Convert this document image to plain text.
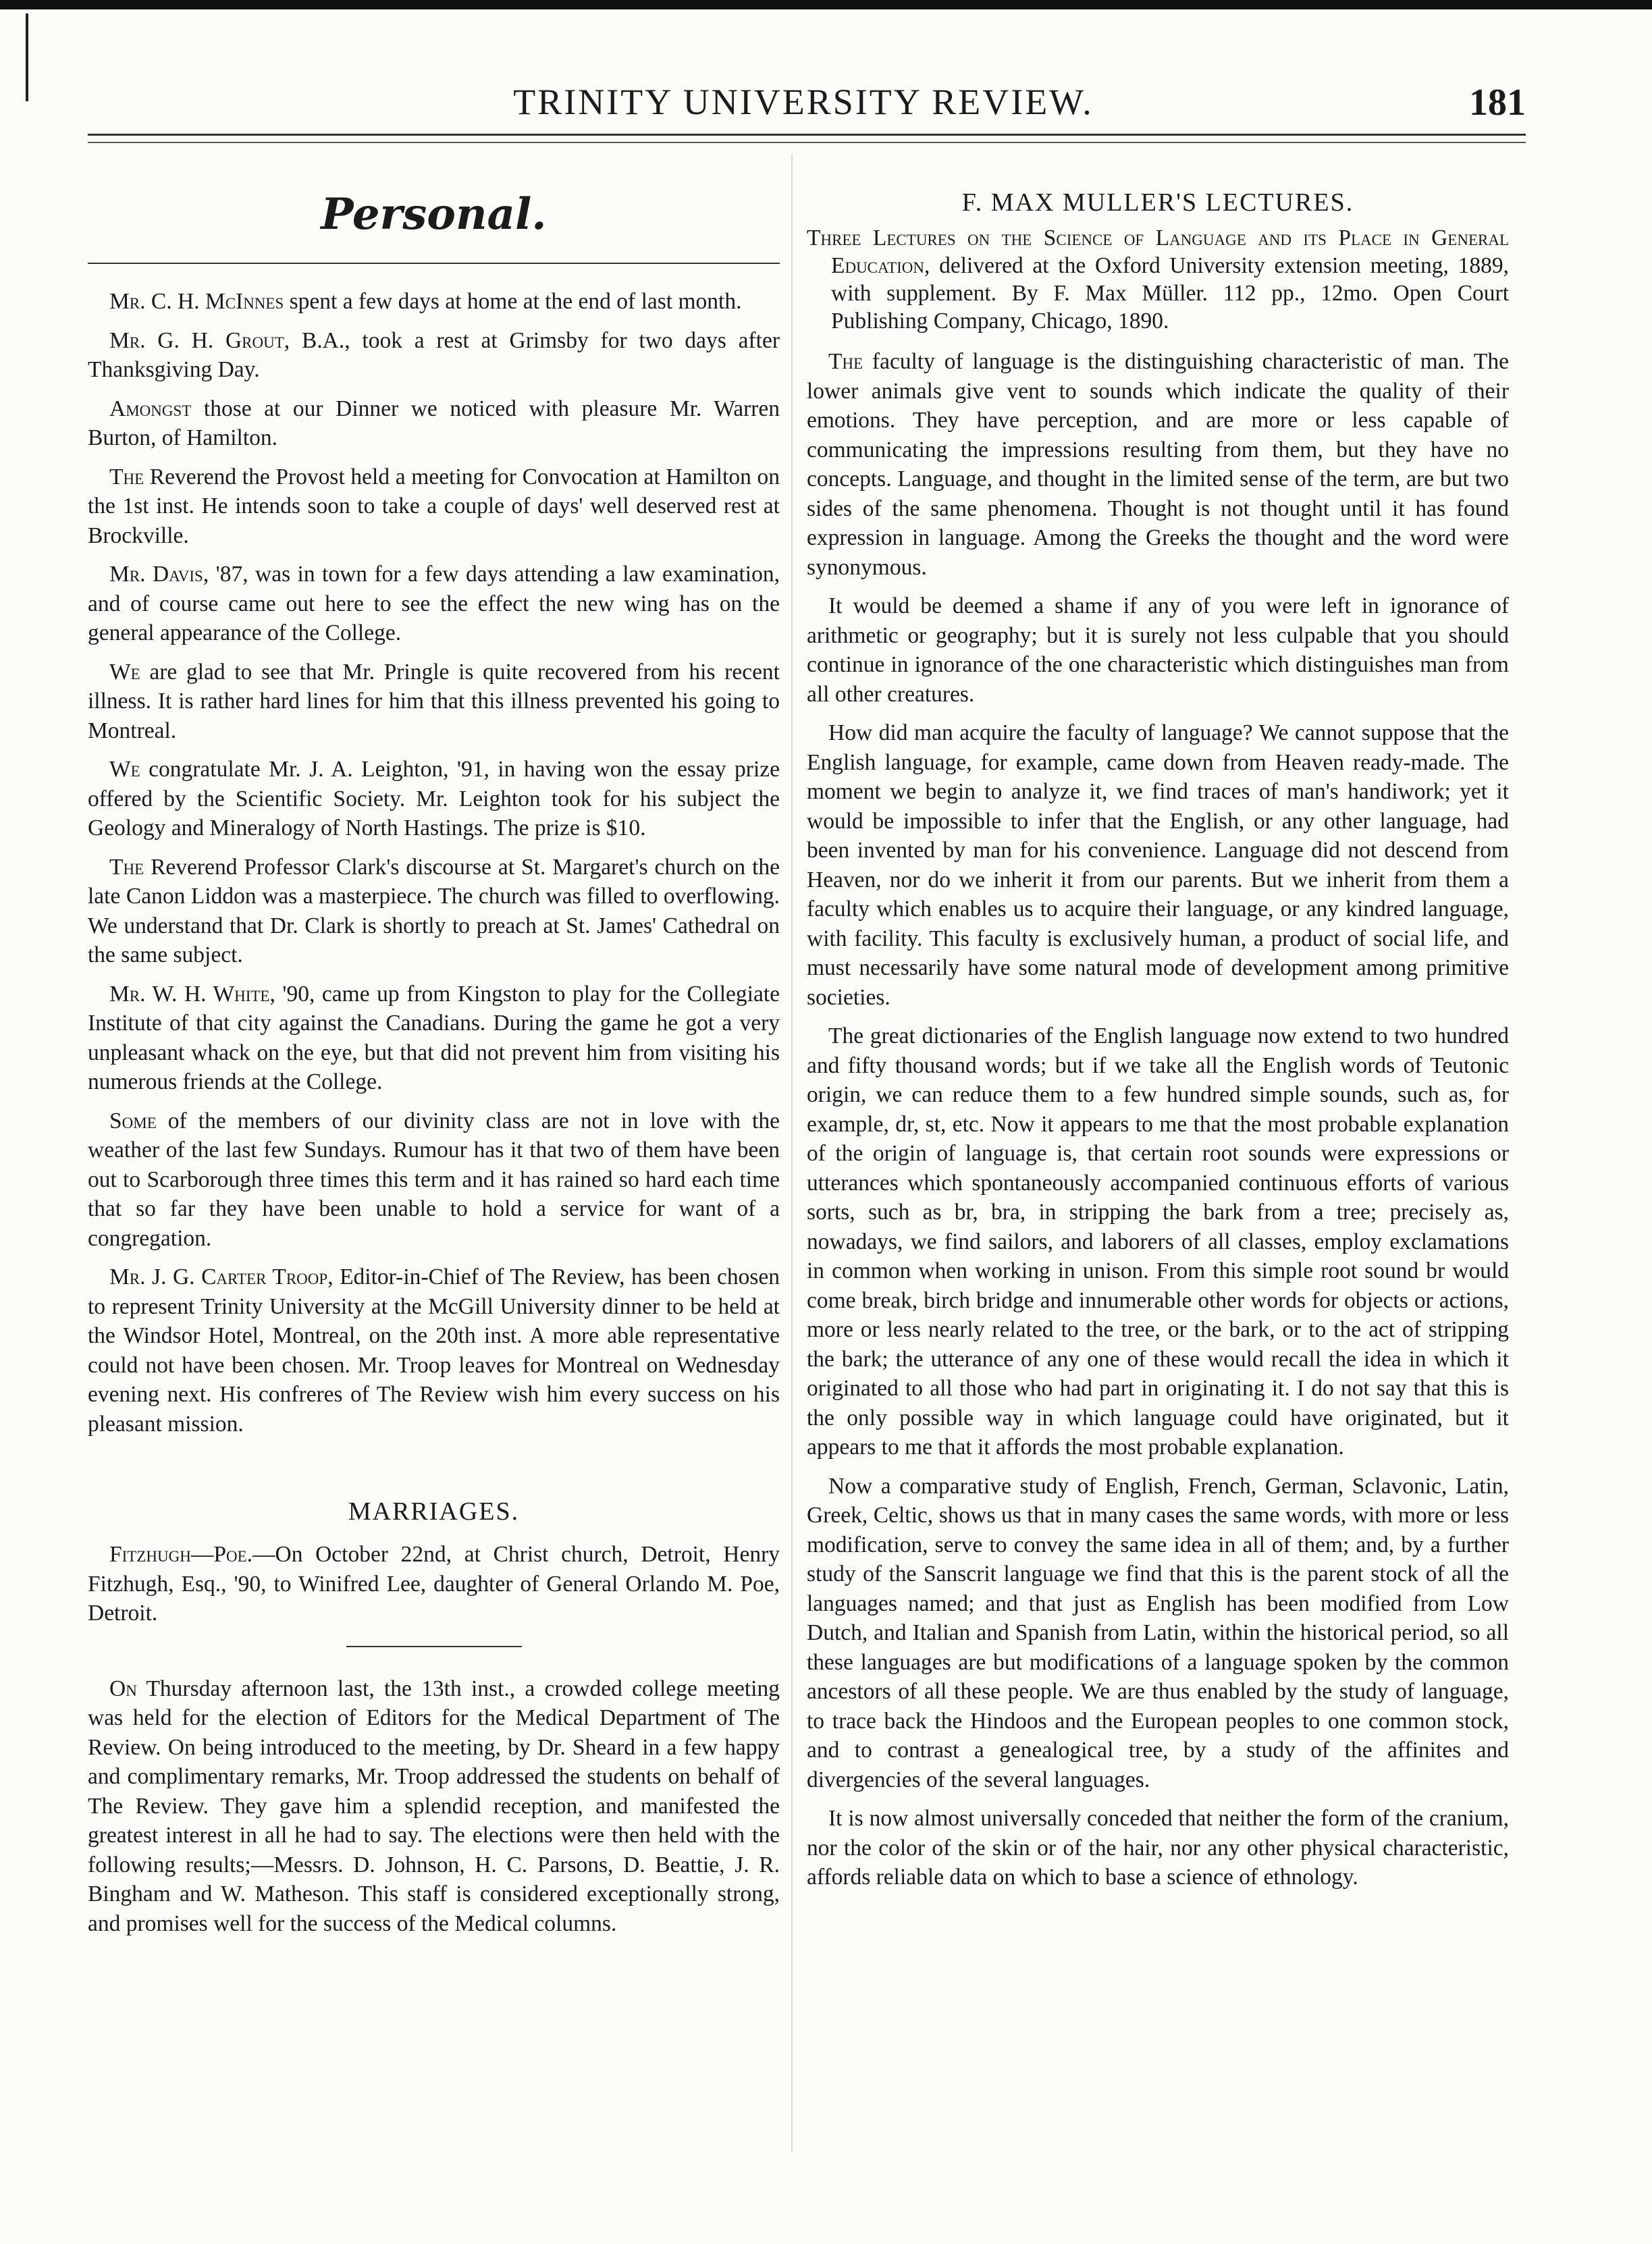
TRINITY UNIVERSITY REVIEW.	181
Personal.

Mr. C. H. McInnes spent a few days at home at the end of last month.

Mr. G. H. Grout, B.A., took a rest at Grimsby for two days after Thanksgiving Day.

Amongst those at our Dinner we noticed with pleasure Mr. Warren Burton, of Hamilton.

The Reverend the Provost held a meeting for Convocation at Hamilton on the 1st inst. He intends soon to take a couple of days' well deserved rest at Brockville.

Mr. Davis, '87, was in town for a few days attending a law examination, and of course came out here to see the effect the new wing has on the general appearance of the College.

We are glad to see that Mr. Pringle is quite recovered from his recent illness. It is rather hard lines for him that this illness prevented his going to Montreal.

We congratulate Mr. J. A. Leighton, '91, in having won the essay prize offered by the Scientific Society. Mr. Leighton took for his subject the Geology and Mineralogy of North Hastings. The prize is $10.

The Reverend Professor Clark's discourse at St. Margaret's church on the late Canon Liddon was a masterpiece. The church was filled to overflowing. We understand that Dr. Clark is shortly to preach at St. James' Cathedral on the same subject.

Mr. W. H. White, '90, came up from Kingston to play for the Collegiate Institute of that city against the Canadians. During the game he got a very unpleasant whack on the eye, but that did not prevent him from visiting his numerous friends at the College.

Some of the members of our divinity class are not in love with the weather of the last few Sundays. Rumour has it that two of them have been out to Scarborough three times this term and it has rained so hard each time that so far they have been unable to hold a service for want of a congregation.

Mr. J. G. Carter Troop, Editor-in-Chief of The Review, has been chosen to represent Trinity University at the McGill University dinner to be held at the Windsor Hotel, Montreal, on the 20th inst. A more able representative could not have been chosen. Mr. Troop leaves for Montreal on Wednesday evening next. His confreres of The Review wish him every success on his pleasant mission.

MARRIAGES.

Fitzhugh—Poe.—On October 22nd, at Christ church, Detroit, Henry Fitzhugh, Esq., '90, to Winifred Lee, daughter of General Orlando M. Poe, Detroit.

On Thursday afternoon last, the 13th inst., a crowded college meeting was held for the election of Editors for the Medical Department of The Review. On being introduced to the meeting, by Dr. Sheard in a few happy and complimentary remarks, Mr. Troop addressed the students on behalf of The Review. They gave him a splendid reception, and manifested the greatest interest in all he had to say. The elections were then held with the following results;—Messrs. D. Johnson, H. C. Parsons, D. Beattie, J. R. Bingham and W. Matheson. This staff is considered exceptionally strong, and promises well for the success of the Medical columns.

F. MAX MULLER'S LECTURES.
Three Lectures on the Science of Language and its Place in General Education, delivered at the Oxford University extension meeting, 1889, with supplement. By F. Max Müller. 112 pp., 12mo. Open Court Publishing Company, Chicago, 1890.

The faculty of language is the distinguishing characteristic of man. The lower animals give vent to sounds which indicate the quality of their emotions. They have perception, and are more or less capable of communicating the impressions resulting from them, but they have no concepts. Language, and thought in the limited sense of the term, are but two sides of the same phenomena. Thought is not thought until it has found expression in language. Among the Greeks the thought and the word were synonymous.

It would be deemed a shame if any of you were left in ignorance of arithmetic or geography; but it is surely not less culpable that you should continue in ignorance of the one characteristic which distinguishes man from all other creatures.

How did man acquire the faculty of language? We cannot suppose that the English language, for example, came down from Heaven ready-made. The moment we begin to analyze it, we find traces of man's handiwork; yet it would be impossible to infer that the English, or any other language, had been invented by man for his convenience. Language did not descend from Heaven, nor do we inherit it from our parents. But we inherit from them a faculty which enables us to acquire their language, or any kindred language, with facility. This faculty is exclusively human, a product of social life, and must necessarily have some natural mode of development among primitive societies.

The great dictionaries of the English language now extend to two hundred and fifty thousand words; but if we take all the English words of Teutonic origin, we can reduce them to a few hundred simple sounds, such as, for example, dr, st, etc. Now it appears to me that the most probable explanation of the origin of language is, that certain root sounds were expressions or utterances which spontaneously accompanied continuous efforts of various sorts, such as br, bra, in stripping the bark from a tree; precisely as, nowadays, we find sailors, and laborers of all classes, employ exclamations in common when working in unison. From this simple root sound br would come break, birch bridge and innumerable other words for objects or actions, more or less nearly related to the tree, or the bark, or to the act of stripping the bark; the utterance of any one of these would recall the idea in which it originated to all those who had part in originating it. I do not say that this is the only possible way in which language could have originated, but it appears to me that it affords the most probable explanation.

Now a comparative study of English, French, German, Sclavonic, Latin, Greek, Celtic, shows us that in many cases the same words, with more or less modification, serve to convey the same idea in all of them; and, by a further study of the Sanscrit language we find that this is the parent stock of all the languages named; and that just as English has been modified from Low Dutch, and Italian and Spanish from Latin, within the historical period, so all these languages are but modifications of a language spoken by the common ancestors of all these people. We are thus enabled by the study of language, to trace back the Hindoos and the European peoples to one common stock, and to contrast a genealogical tree, by a study of the affinites and divergencies of the several languages.

It is now almost universally conceded that neither the form of the cranium, nor the color of the skin or of the hair, nor any other physical characteristic, affords reliable data on which to base a science of ethnology.
